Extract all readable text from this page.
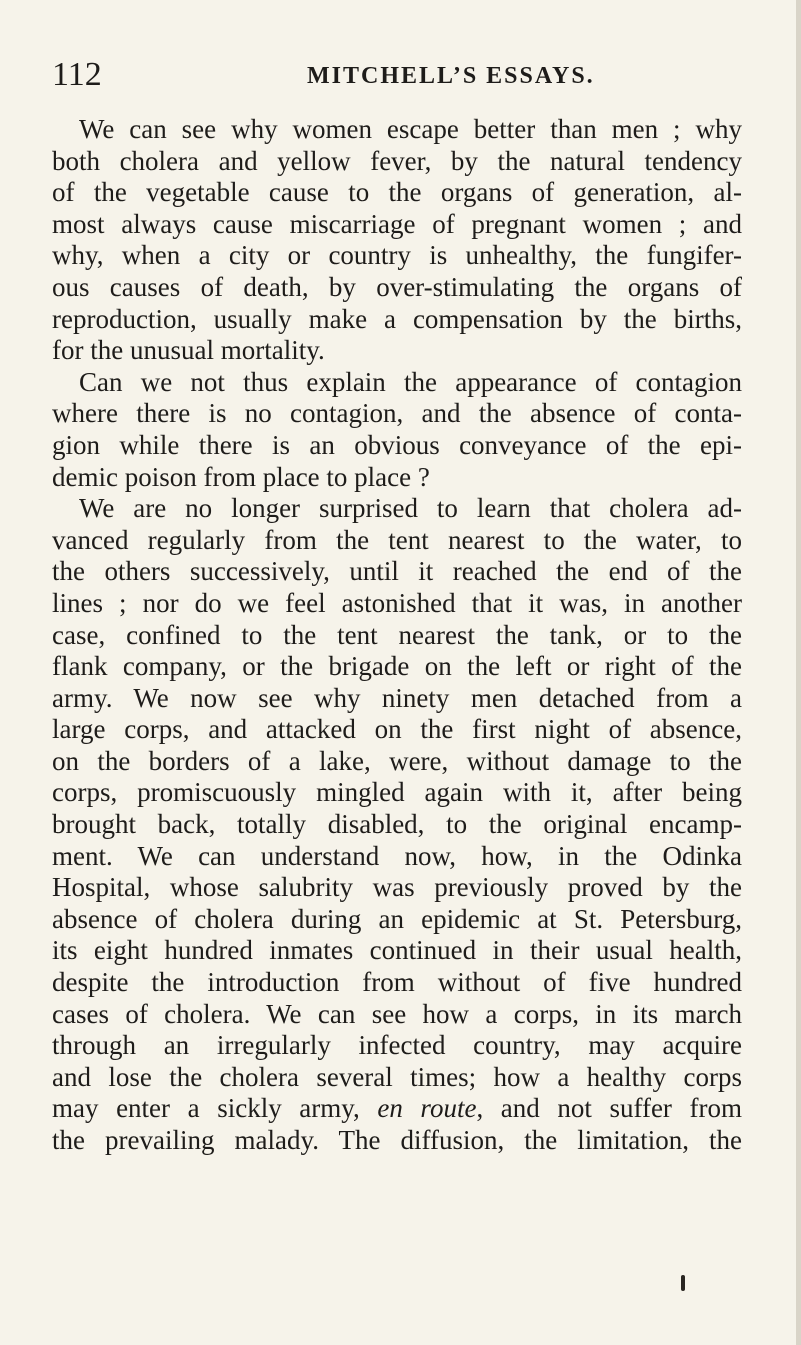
112	MITCHELL’S ESSAYS.
We can see why women escape better than men ; why
both cholera and yellow fever, by the natural tendency
of the vegetable cause to the organs of generation, al-
most always cause miscarriage of pregnant women ; and
why, when a city or country is unhealthy, the fungifer-
ous causes of death, by over-stimulating the organs of
reproduction, usually make a compensation by the births,
for the unusual mortality.
Can we not thus explain the appearance of contagion
where there is no contagion, and the absence of conta-
gion while there is an obvious conveyance of the epi-
demic poison from place to place ?
We are no longer surprised to learn that cholera ad-
vanced regularly from the tent nearest to the water, to
the others successively, until it reached the end of the
lines ; nor do we feel astonished that it was, in another
case, confined to the tent nearest the tank, or to the
flank company, or the brigade on the left or right of the
army. We now see why ninety men detached from a
large corps, and attacked on the first night of absence,
on the borders of a lake, were, without damage to the
corps, promiscuously mingled again with it, after being
brought back, totally disabled, to the original encamp-
ment. We can understand now, how, in the Odinka
Hospital, whose salubrity was previously proved by the
absence of cholera during an epidemic at St. Petersburg,
its eight hundred inmates continued in their usual health,
despite the introduction from without of five hundred
cases of cholera. We can see how a corps, in its march
through an irregularly infected country, may acquire
and lose the cholera several times; how a healthy corps
may enter a sickly army, en route, and not suffer from
the prevailing malady. The diffusion, the limitation, the
